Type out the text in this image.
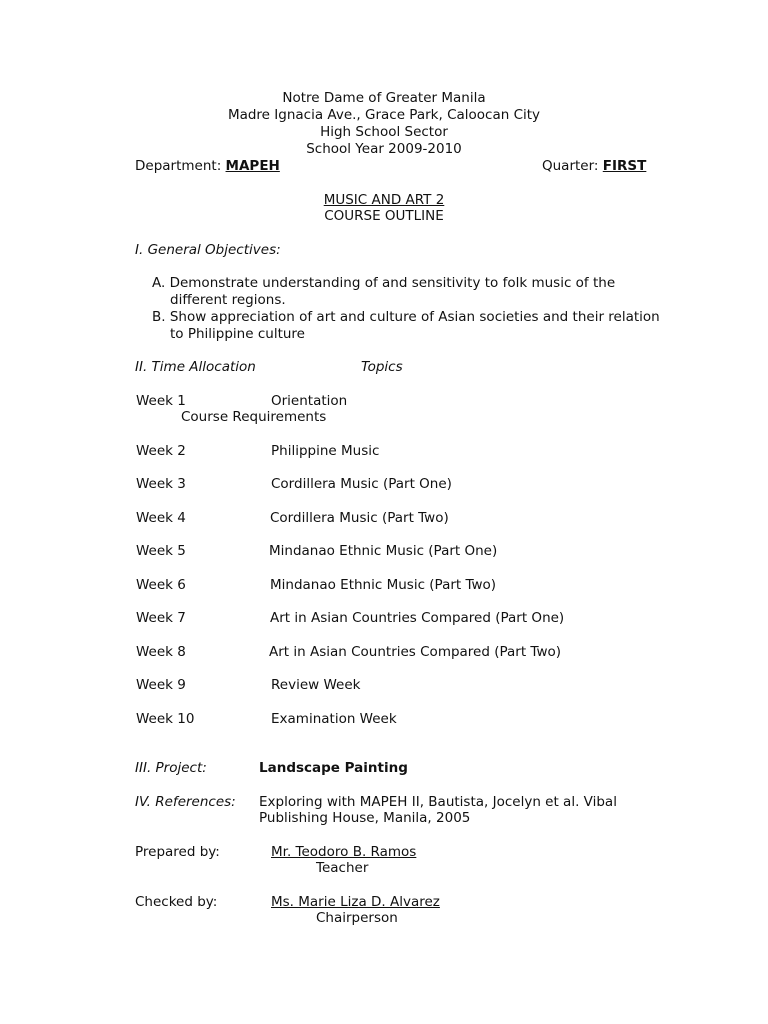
Notre Dame of Greater Manila
Madre Ignacia Ave., Grace Park, Caloocan City
High School Sector
School Year 2009-2010
Department: MAPEH	Quarter: FIRST
MUSIC AND ART 2
COURSE OUTLINE
I. General Objectives:
A. Demonstrate understanding of and sensitivity to folk music of the
different regions.
B. Show appreciation of art and culture of Asian societies and their relation
to Philippine culture
II. Time Allocation	Topics
Week 1	Orientation
Course Requirements
Week 2	Philippine Music
Week 3	Cordillera Music (Part One)
Week 4	Cordillera Music (Part Two)
Week 5	Mindanao Ethnic Music (Part One)
Week 6	Mindanao Ethnic Music (Part Two)
Week 7	Art in Asian Countries Compared (Part One)
Week 8	Art in Asian Countries Compared (Part Two)
Week 9	Review Week
Week 10	Examination Week
III. Project:	Landscape Painting
IV. References: Exploring with MAPEH II, Bautista, Jocelyn et al. Vibal
Publishing House, Manila, 2005
Prepared by:	Mr. Teodoro B. Ramos
Teacher
Checked by:	Ms. Marie Liza D. Alvarez
Chairperson
